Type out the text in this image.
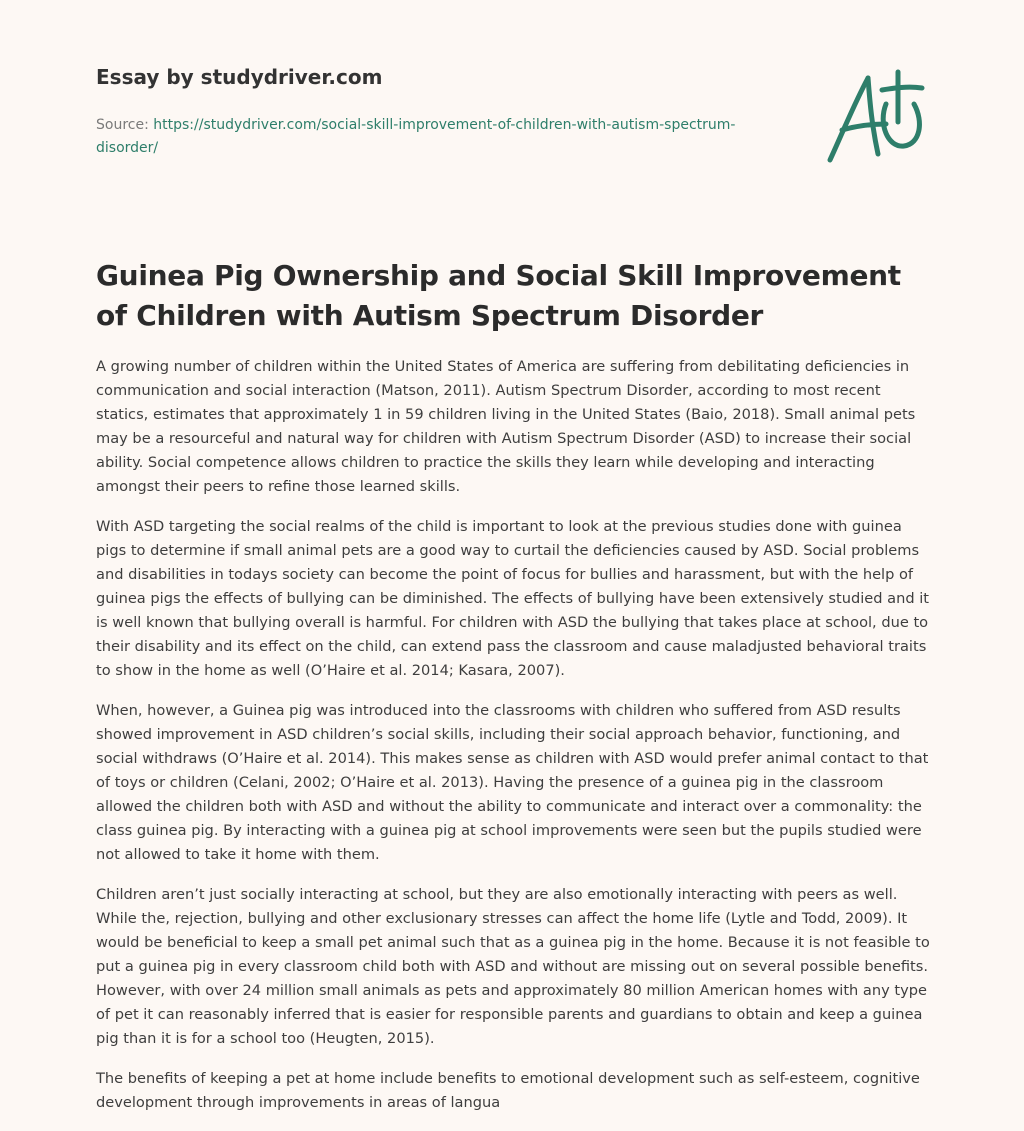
Essay by studydriver.com
Source: https://studydriver.com/social-skill-improvement-of-children-with-autism-spectrum-disorder/
Guinea Pig Ownership and Social Skill Improvement of Children with Autism Spectrum Disorder

A growing number of children within the United States of America are suffering from debilitating deficiencies in communication and social interaction (Matson, 2011). Autism Spectrum Disorder, according to most recent statics, estimates that approximately 1 in 59 children living in the United States (Baio, 2018). Small animal pets may be a resourceful and natural way for children with Autism Spectrum Disorder (ASD) to increase their social ability. Social competence allows children to practice the skills they learn while developing and interacting amongst their peers to refine those learned skills.

With ASD targeting the social realms of the child is important to look at the previous studies done with guinea pigs to determine if small animal pets are a good way to curtail the deficiencies caused by ASD. Social problems and disabilities in todays society can become the point of focus for bullies and harassment, but with the help of guinea pigs the effects of bullying can be diminished. The effects of bullying have been extensively studied and it is well known that bullying overall is harmful. For children with ASD the bullying that takes place at school, due to their disability and its effect on the child, can extend pass the classroom and cause maladjusted behavioral traits to show in the home as well (O’Haire et al. 2014; Kasara, 2007).

When, however, a Guinea pig was introduced into the classrooms with children who suffered from ASD results showed improvement in ASD children’s social skills, including their social approach behavior, functioning, and social withdraws (O’Haire et al. 2014). This makes sense as children with ASD would prefer animal contact to that of toys or children (Celani, 2002; O’Haire et al. 2013). Having the presence of a guinea pig in the classroom allowed the children both with ASD and without the ability to communicate and interact over a commonality: the class guinea pig. By interacting with a guinea pig at school improvements were seen but the pupils studied were not allowed to take it home with them.

Children aren’t just socially interacting at school, but they are also emotionally interacting with peers as well. While the, rejection, bullying and other exclusionary stresses can affect the home life (Lytle and Todd, 2009). It would be beneficial to keep a small pet animal such that as a guinea pig in the home. Because it is not feasible to put a guinea pig in every classroom child both with ASD and without are missing out on several possible benefits. However, with over 24 million small animals as pets and approximately 80 million American homes with any type of pet it can reasonably inferred that is easier for responsible parents and guardians to obtain and keep a guinea pig than it is for a school too (Heugten, 2015).

The benefits of keeping a pet at home include benefits to emotional development such as self-esteem, cognitive development through improvements in areas of langua
